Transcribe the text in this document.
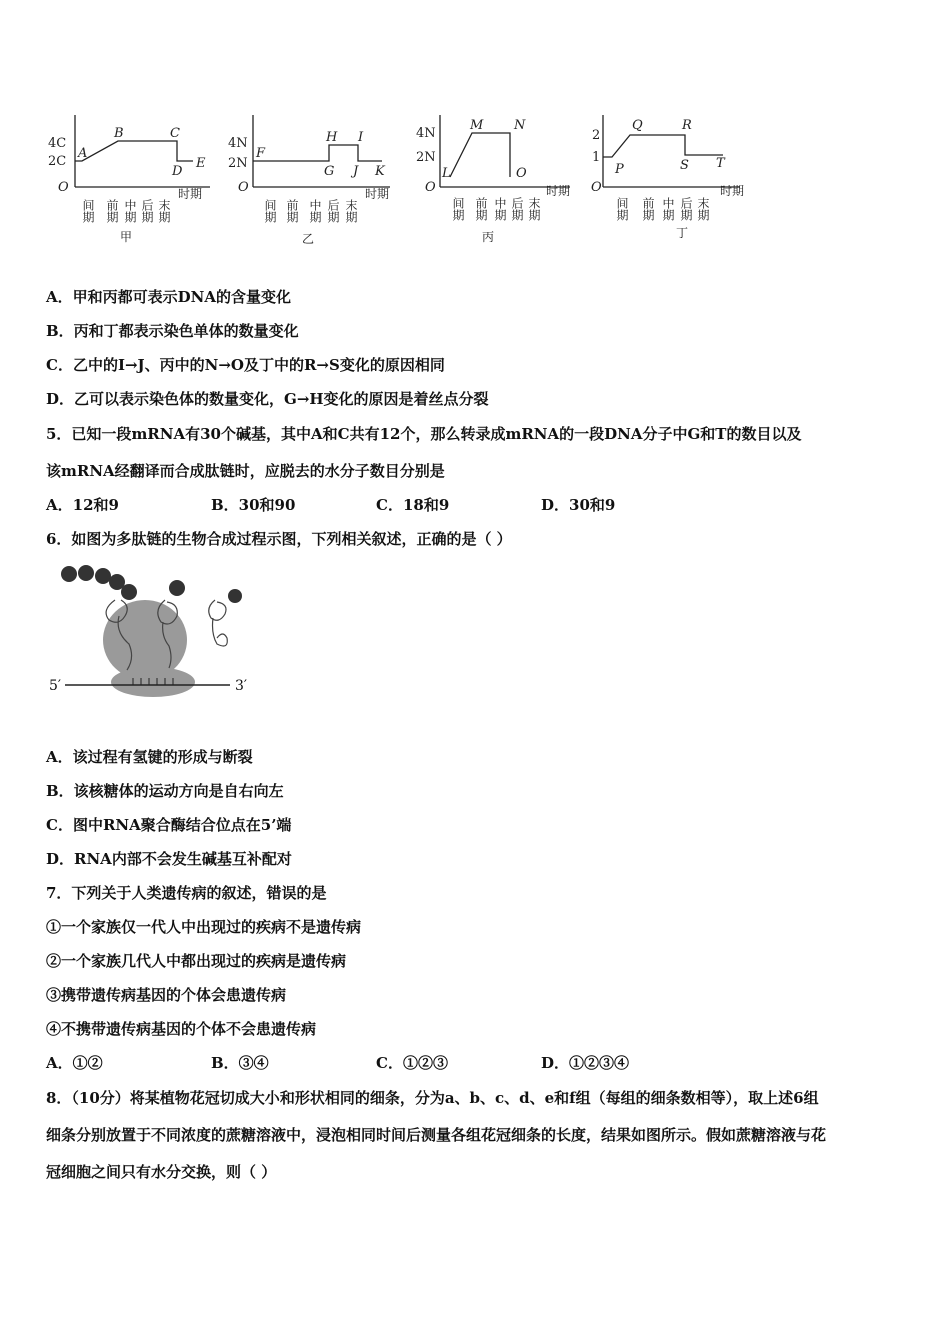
4C
2C
O
A
B	C
D
E
间期 前期 中期 后期 末期
时期
甲
4N
2N
O
F
G
H I
J K
间期 前期 中期 后期 末期
时期
乙
4N
2N
O
L
M N
O
间期 前期 中期 后期 末期
时期
丙
2
1
O
P
Q	R
S T
间期 前期 中期 后期 末期
时期
丁
A．甲和丙都可表示DNA的含量变化
B．丙和丁都表示染色单体的数量变化
C．乙中的I→J、丙中的N→O及丁中的R→S变化的原因相同
D．乙可以表示染色体的数量变化，G→H变化的原因是着丝点分裂
5．已知一段mRNA有30个碱基，其中A和C共有12个，那么转录成mRNA的一段DNA分子中G和T的数目以及
该mRNA经翻译而合成肽链时，应脱去的水分子数目分别是
A．12和9	B．30和90	C．18和9	D．30和9
6．如图为多肽链的生物合成过程示图，下列相关叙述，正确的是（ ）
5′	3′
A．该过程有氢键的形成与断裂
B．该核糖体的运动方向是自右向左
C．图中RNA聚合酶结合位点在5’端
D．RNA内部不会发生碱基互补配对
7．下列关于人类遗传病的叙述，错误的是
①一个家族仅一代人中出现过的疾病不是遗传病
②一个家族几代人中都出现过的疾病是遗传病
③携带遗传病基因的个体会患遗传病
④不携带遗传病基因的个体不会患遗传病
A．①②	B．③④	C．①②③	D．①②③④
8．（10分）将某植物花冠切成大小和形状相同的细条，分为a、b、c、d、e和f组（每组的细条数相等），取上述6组
细条分别放置于不同浓度的蔗糖溶液中，浸泡相同时间后测量各组花冠细条的长度，结果如图所示。假如蔗糖溶液与花
冠细胞之间只有水分交换，则（ ）
